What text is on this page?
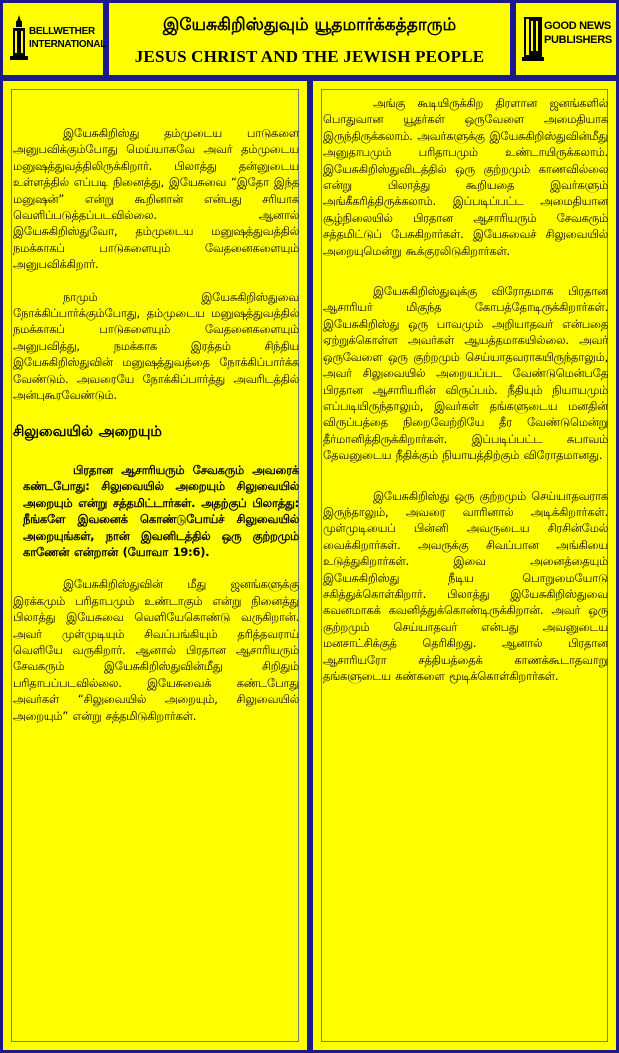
BELLWETHER
INTERNATIONAL
இயேசுகிறிஸ்துவும் யூதமார்க்கத்தாரும்
JESUS CHRIST AND THE JEWISH PEOPLE
GOOD NEWS
PUBLISHERS

இயேசுகிறிஸ்து தம்முடைய பாடுகளை அனுபவிக்கும்போது மெய்யாகவே அவர் தம்முடைய மனுஷத்துவத்திலிருக்கிறார். பிலாத்து தன்னுடைய உள்ளத்தில் எப்படி நினைத்து, இயேசுவை “இதோ இந்த மனுஷன்” என்று கூறினான் என்பது சரியாக வெளிப்படுத்தப்படவில்லை. ஆனால் இயேசுகிறிஸ்துவோ, தம்முடைய மனுஷத்துவத்தில் நமக்காகப் பாடுகளையும் வேதனைகளையும் அனுபவிக்கிறார்.

நாமும் இயேசுகிறிஸ்துவை நோக்கிப்பார்க்கும்போது, தம்முடைய மனுஷத்துவத்தில் நமக்காகப் பாடுகளையும் வேதனைகளையும் அனுபவித்து, நமக்காக இரத்தம் சிந்திய இயேசுகிறிஸ்துவின் மனுஷத்துவத்தை நோக்கிப்பார்க்க வேண்டும். அவரையே நோக்கிப்பார்த்து அவரிடத்தில் அன்புகூரவேண்டும்.

சிலுவையில் அறையும்

பிரதான ஆசாரியரும் சேவகரும் அவரைக் கண்டபோது: சிலுவையில் அறையும் சிலுவையில் அறையும் என்று சத்தமிட்டார்கள். அதற்குப் பிலாத்து: நீங்களே இவனைக் கொண்டுபோய்ச் சிலுவையில் அறையுங்கள், நான் இவனிடத்தில் ஒரு குற்றமும் காணேன் என்றான் (யோவா 19:6).

இயேசுகிறிஸ்துவின் மீது ஜனங்களுக்கு இரக்கமும் பரிதாபமும் உண்டாகும் என்று நினைத்து பிலாத்து இயேசுவை வெளியேகொண்டு வருகிறான். அவர் முள்முடியும் சிவப்பங்கியும் தரித்தவராய் வெளியே வருகிறார். ஆனால் பிரதான ஆசாரியரும் சேவகரும் இயேசுகிறிஸ்துவின்மீது சிறிதும் பரிதாபப்படவில்லை. இயேசுவைக் கண்டபோது அவர்கள் “சிலுவையில் அறையும், சிலுவையில் அறையும்” என்று சத்தமிடுகிறார்கள்.

அங்கு கூடியிருக்கிற திரளான ஜனங்களில் பொதுவான யூதர்கள் ஒருவேளை அமைதியாக இருந்திருக்கலாம். அவர்களுக்கு இயேசுகிறிஸ்துவின்மீது அனுதாபமும் பரிதாபமும் உண்டாயிருக்கலாம். இயேசுகிறிஸ்துவிடத்தில் ஒரு குற்றமும் காணவில்லை என்று பிலாத்து கூறியதை இவர்களும் அங்கீகரித்திருக்கலாம். இப்படிப்பட்ட அமைதியான சூழ்நிலையில் பிரதான ஆசாரியரும் சேவகரும் சத்தமிட்டுப் பேசுகிறார்கள். இயேசுவைச் சிலுவையில் அறையுமென்று கூக்குரலிடுகிறார்கள்.

இயேசுகிறிஸ்துவுக்கு விரோதமாக பிரதான ஆசாரியர் மிகுந்த கோபத்தோடிருக்கிறார்கள். இயேசுகிறிஸ்து ஒரு பாவமும் அறியாதவர் என்பதை ஏற்றுக்கொள்ள அவர்கள் ஆயத்தமாகயில்லை. அவர் ஒருவேளை ஒரு குற்றமும் செய்யாதவராகயிருந்தாலும், அவர் சிலுவையில் அறையப்பட வேண்டுமென்பதே பிரதான ஆசாரியரின் விருப்பம். நீதியும் நியாயமும் எப்படியிருந்தாலும், இவர்கள் தங்களுடைய மனதின் விருப்பத்தை நிறைவேற்றியே தீர வேண்டுமென்று தீர்மானித்திருக்கிறார்கள். இப்படிப்பட்ட சுபாவம் தேவனுடைய நீதிக்கும் நியாயத்திற்கும் விரோதமானது.

இயேசுகிறிஸ்து ஒரு குற்றமும் செய்யாதவராக இருந்தாலும், அவரை வாரினால் அடிக்கிறார்கள். முள்முடியைப் பின்னி அவருடைய சிரசின்மேல் வைக்கிறார்கள். அவருக்கு சிவப்பான அங்கியை உடுத்துகிறார்கள். இவை அனைத்தையும் இயேசுகிறிஸ்து நீடிய பொறுமையோடு சகித்துக்கொள்கிறார். பிலாத்து இயேசுகிறிஸ்துவை கவனமாகக் கவனித்துக்கொண்டிருக்கிறான். அவர் ஒரு குற்றமும் செய்யாதவர் என்பது அவனுடைய மனசாட்சிக்குத் தெரிகிறது. ஆனால் பிரதான ஆசாரியரோ சத்தியத்தைக் காணக்கூடாதவாறு தங்களுடைய கண்களை மூடிக்கொள்கிறார்கள்.
